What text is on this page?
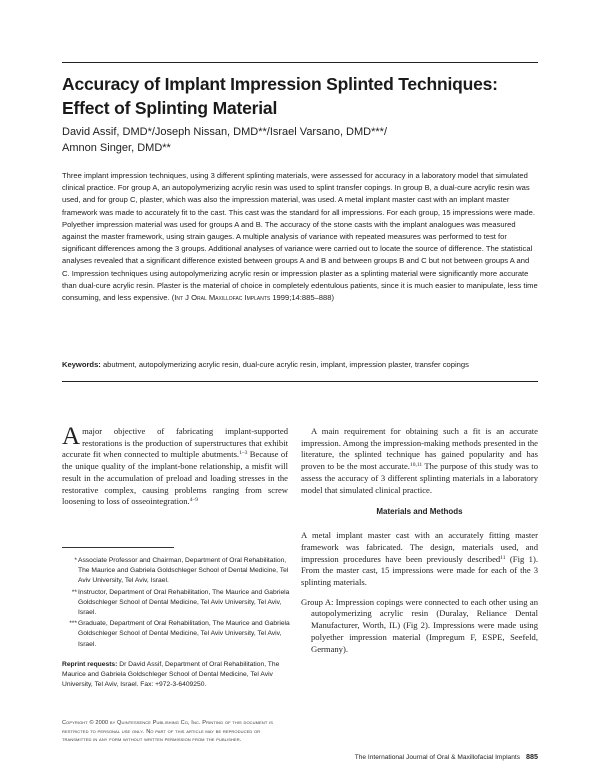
Accuracy of Implant Impression Splinted Techniques: Effect of Splinting Material
David Assif, DMD*/Joseph Nissan, DMD**/Israel Varsano, DMD***/
Amnon Singer, DMD**

Three implant impression techniques, using 3 different splinting materials, were assessed for accuracy in a laboratory model that simulated clinical practice. For group A, an autopolymerizing acrylic resin was used to splint transfer copings. In group B, a dual-cure acrylic resin was used, and for group C, plaster, which was also the impression material, was used. A metal implant master cast with an implant master framework was made to accurately fit to the cast. This cast was the standard for all impressions. For each group, 15 impressions were made. Polyether impression material was used for groups A and B. The accuracy of the stone casts with the implant analogues was measured against the master framework, using strain gauges. A multiple analysis of variance with repeated measures was performed to test for significant differences among the 3 groups. Additional analyses of variance were carried out to locate the source of difference. The statistical analyses revealed that a significant difference existed between groups A and B and between groups B and C but not between groups A and C. Impression techniques using autopolymerizing acrylic resin or impression plaster as a splinting material were significantly more accurate than dual-cure acrylic resin. Plaster is the material of choice in completely edentulous patients, since it is much easier to manipulate, less time consuming, and less expensive. (Int J Oral Maxillofac Implants 1999;14:885–888)

Keywords: abutment, autopolymerizing acrylic resin, dual-cure acrylic resin, implant, impression plaster, transfer copings

Amajor objective of fabricating implant-supported restorations is the production of superstructures that exhibit accurate fit when connected to multiple abutments.$^{1-3}$ Because of the unique quality of the implant-bone relationship, a misfit will result in the accumulation of preload and loading stresses in the restorative complex, causing problems ranging from screw loosening to loss of osseointegration.$^{4-9}$

* Associate Professor and Chairman, Department of Oral Rehabilitation, The Maurice and Gabriela Goldschleger School of Dental Medicine, Tel Aviv University, Tel Aviv, Israel.
** Instructor, Department of Oral Rehabilitation, The Maurice and Gabriela Goldschleger School of Dental Medicine, Tel Aviv University, Tel Aviv, Israel.
*** Graduate, Department of Oral Rehabilitation, The Maurice and Gabriela Goldschleger School of Dental Medicine, Tel Aviv University, Tel Aviv, Israel.

Reprint requests: Dr David Assif, Department of Oral Rehabilitation, The Maurice and Gabriela Goldschleger School of Dental Medicine, Tel Aviv University, Tel Aviv, Israel. Fax: +972-3-6409250.

Copyright © 2000 by Quintessence Publishing Co, Inc. Printing of this document is restricted to personal use only. No part of this article may be reproduced or transmitted in any form without written permission from the publisher.

A main requirement for obtaining such a fit is an accurate impression. Among the impression-making methods presented in the literature, the splinted technique has gained popularity and has proven to be the most accurate.$^{10,11}$ The purpose of this study was to assess the accuracy of 3 different splinting materials in a laboratory model that simulated clinical practice.

Materials and Methods

A metal implant master cast with an accurately fitting master framework was fabricated. The design, materials used, and impression procedures have been previously described$^{11}$ (Fig 1). From the master cast, 15 impressions were made for each of the 3 splinting materials.

Group A: Impression copings were connected to each other using an autopolymerizing acrylic resin (Duralay, Reliance Dental Manufacturer, Worth, IL) (Fig 2). Impressions were made using polyether impression material (Impregum F, ESPE, Seefeld, Germany).

The International Journal of Oral & Maxillofacial Implants 885
